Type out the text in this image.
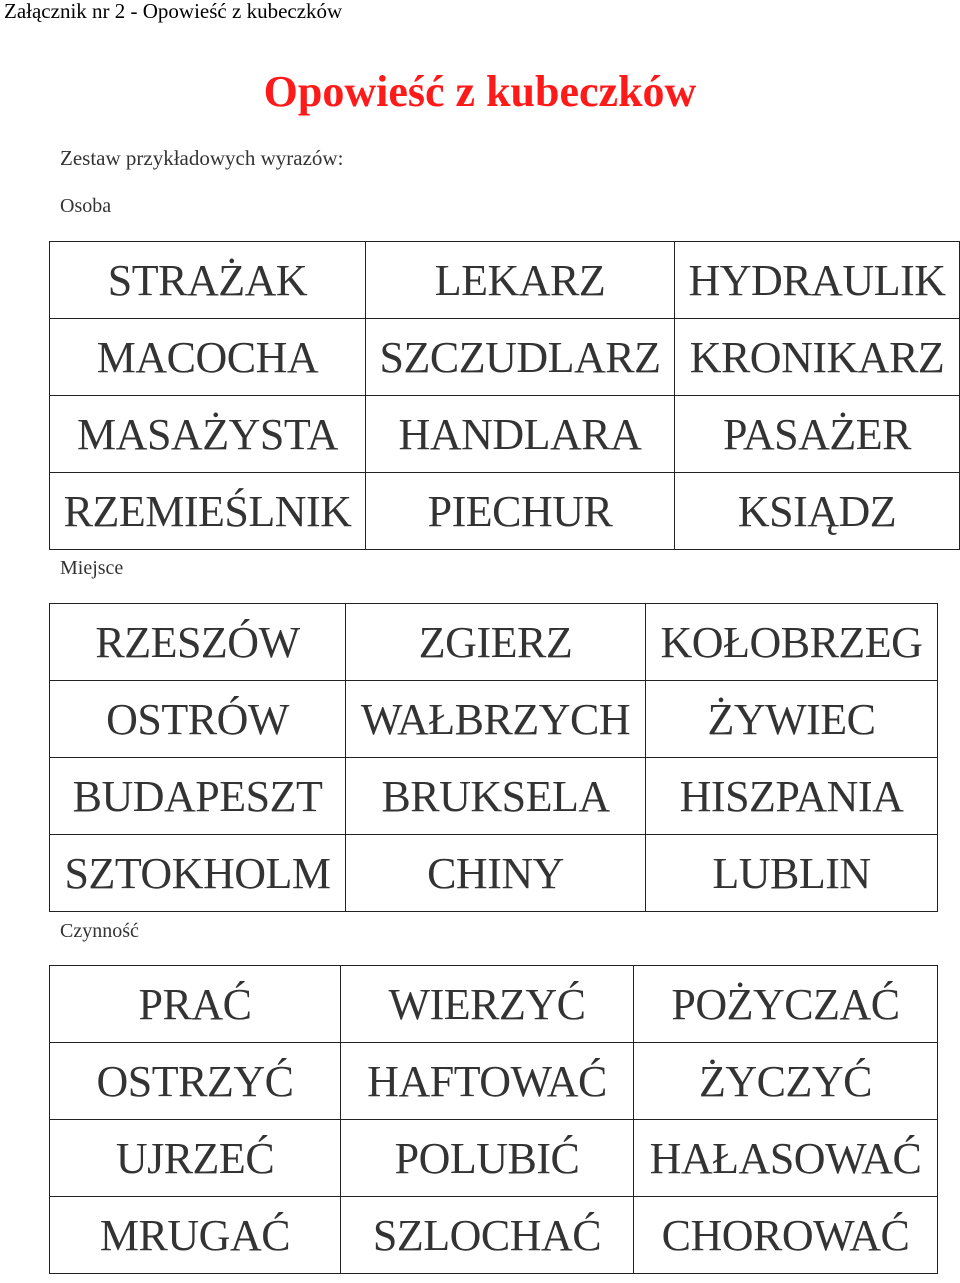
Załącznik nr 2 - Opowieść z kubeczków
Opowieść z kubeczków
Zestaw przykładowych wyrazów:
Osoba
STRAŻAK	LEKARZ	HYDRAULIK
MACOCHA	SZCZUDLARZ	KRONIKARZ
MASAŻYSTA	HANDLARA	PASAŻER
RZEMIEŚLNIK	PIECHUR	KSIĄDZ
Miejsce
RZESZÓW	ZGIERZ	KOŁOBRZEG
OSTRÓW	WAŁBRZYCH	ŻYWIEC
BUDAPESZT	BRUKSELA	HISZPANIA
SZTOKHOLM	CHINY	LUBLIN
Czynność
PRAĆ	WIERZYĆ	POŻYCZAĆ
OSTRZYĆ	HAFTOWAĆ	ŻYCZYĆ
UJRZEĆ	POLUBIĆ	HAŁASOWAĆ
MRUGAĆ	SZLOCHAĆ	CHOROWAĆ
